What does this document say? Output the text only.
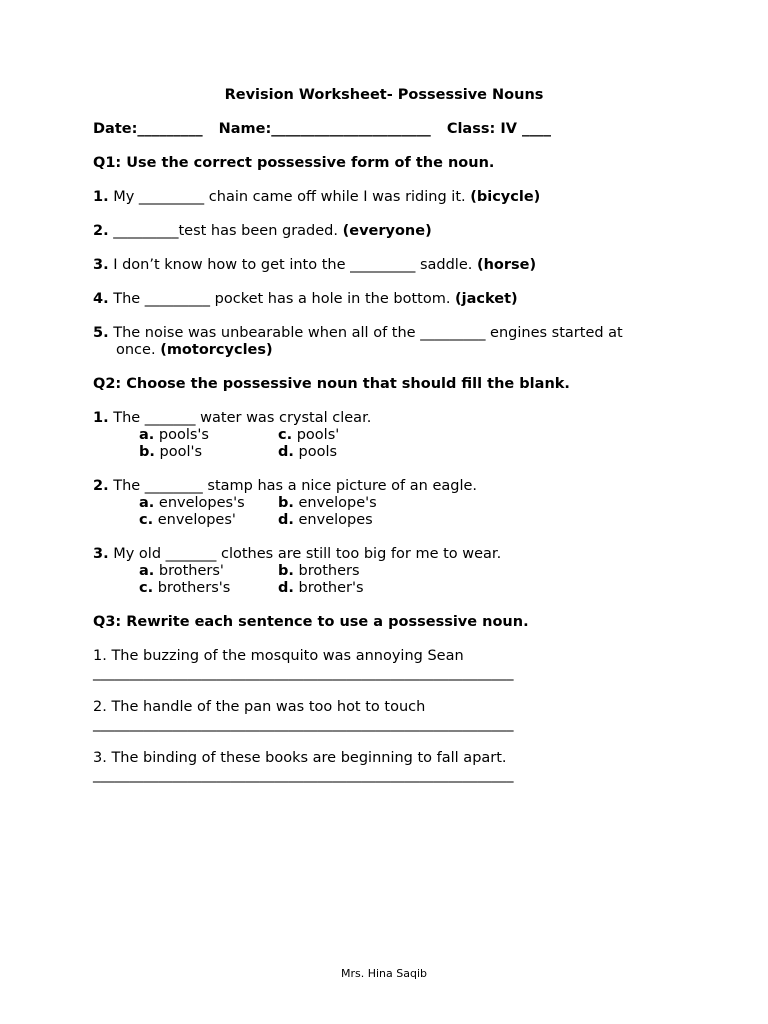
Revision Worksheet- Possessive Nouns
Date:_________ Name:______________________ Class: IV ____
Q1: Use the correct possessive form of the noun.
1. My _________ chain came off while I was riding it. (bicycle)
2. _________test has been graded. (everyone)
3. I don’t know how to get into the _________ saddle. (horse)
4. The _________ pocket has a hole in the bottom. (jacket)
5. The noise was unbearable when all of the _________ engines started at
once. (motorcycles)
Q2: Choose the possessive noun that should fill the blank.
1. The _______ water was crystal clear.
a. pools's	c. pools'
b. pool's	d. pools
2. The ________ stamp has a nice picture of an eagle.
a. envelopes's b. envelope's
c. envelopes'	d. envelopes
3. My old _______ clothes are still too big for me to wear.
a. brothers'	b. brothers
c. brothers's	d. brother's
Q3: Rewrite each sentence to use a possessive noun.
1. The buzzing of the mosquito was annoying Sean
__________________________________________________________
2. The handle of the pan was too hot to touch
__________________________________________________________
3. The binding of these books are beginning to fall apart.
__________________________________________________________
Mrs. Hina Saqib
